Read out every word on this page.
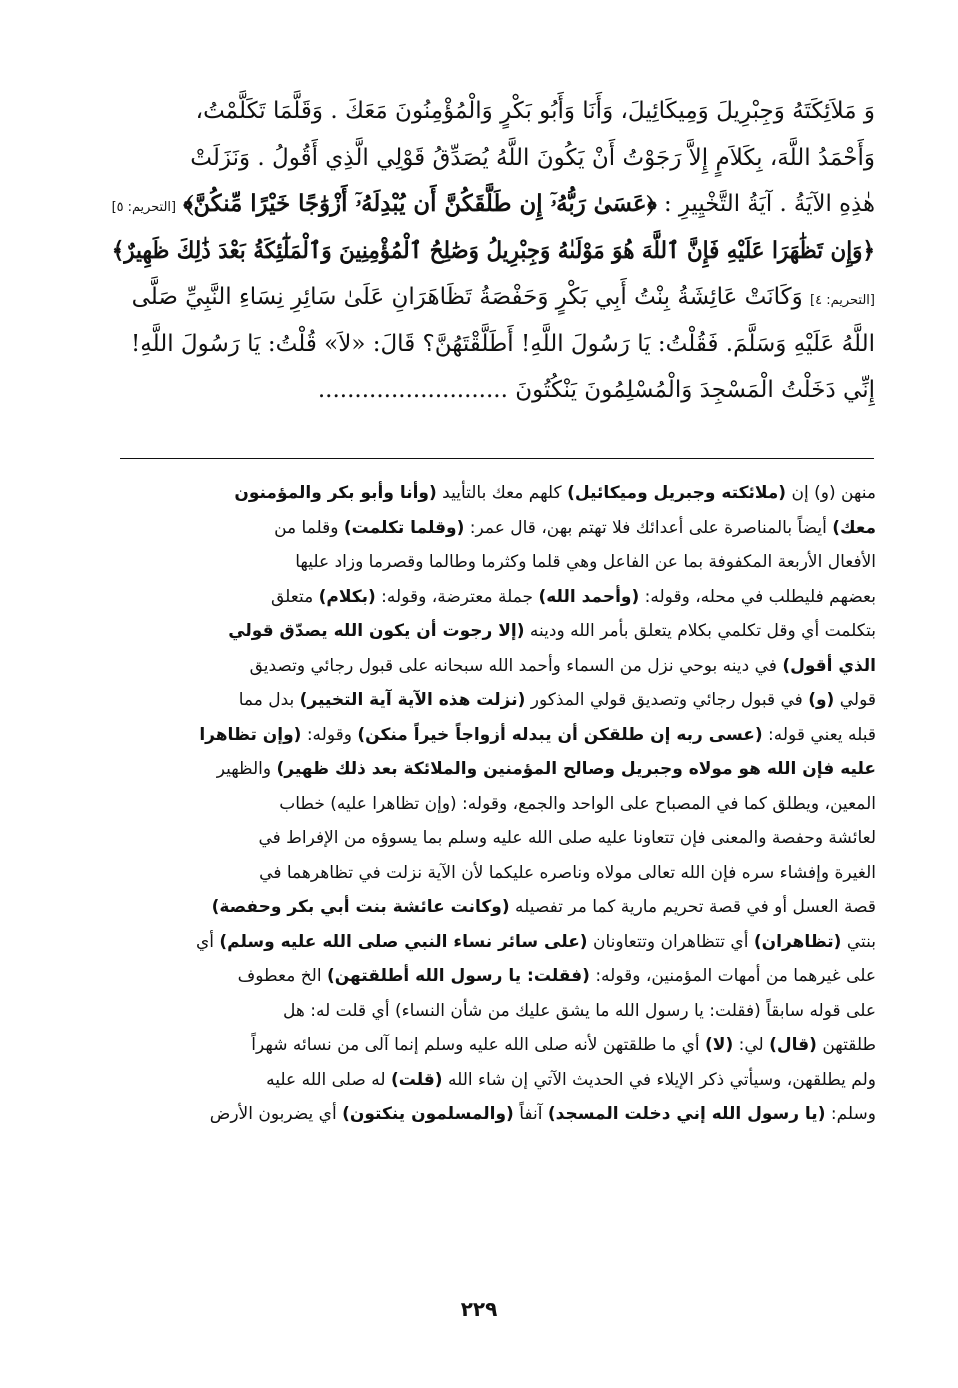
وَ مَلاَئِكَتَهُ وَجِبْرِيلَ وَمِيكَائِيلَ، وَأَنَا وَأَبُو بَكْرٍ وَالْمُؤْمِنُونَ مَعَكَ . وَقَلَّمَا تَكَلَّمْتُ،
وَأَحْمَدُ اللَّهَ، بِكَلاَمٍ إِلاَّ رَجَوْتُ أَنْ يَكُونَ اللَّهُ يُصَدِّقُ قَوْلِي الَّذِي أَقُولُ . وَنَزَلَتْ
هٰذِهِ الآيَةُ . آيَةُ التَّخْيِيرِ : ﴿عَسَىٰ رَبُّهُۥٓ إِن طَلَّقَكُنَّ أَن يُبْدِلَهُۥٓ أَزْوَٰجًا خَيْرًا مِّنكُنَّ﴾ [التحريم: ٥]
﴿وَإِن تَظَٰهَرَا عَلَيْهِ فَإِنَّ ٱللَّهَ هُوَ مَوْلَىٰهُ وَجِبْرِيلُ وَصَٰلِحُ ٱلْمُؤْمِنِينَ وَٱلْمَلَٰٓئِكَةُ بَعْدَ ذَٰلِكَ ظَهِيرٌ﴾
[التحريم: ٤] وَكَانَتْ عَائِشَةُ بِنْتُ أَبِي بَكْرٍ وَحَفْصَةُ تَظَاهَرَانِ عَلَىٰ سَائِرِ نِسَاءِ النَّبِيِّ صَلَّى
اللَّهُ عَلَيْهِ وَسَلَّمَ. فَقُلْتُ: يَا رَسُولَ اللَّهِ! أَطَلَّقْتَهُنَّ؟ قَالَ: «لاَ» قُلْتُ: يَا رَسُولَ اللَّهِ!
إِنِّي دَخَلْتُ الْمَسْجِدَ وَالْمُسْلِمُونَ يَنْكُتُونَ ..........................
منهن (و) إن (ملائكته وجبريل وميكائيل) كلهم معك بالتأييد (وأنا وأبو بكر والمؤمنون
معك) أيضاً بالمناصرة على أعدائك فلا تهتم بهن، قال عمر: (وقلما تكلمت) وقلما من
الأفعال الأربعة المكفوفة بما عن الفاعل وهي قلما وكثرما وطالما وقصرما وزاد عليها
بعضهم فليطلب في محله، وقوله: (وأحمد الله) جملة معترضة، وقوله: (بكلام) متعلق
بتكلمت أي وقل تكلمي بكلام يتعلق بأمر الله ودينه (إلا رجوت أن يكون الله يصدّق قولي
الذي أقول) في دينه بوحي نزل من السماء وأحمد الله سبحانه على قبول رجائي وتصديق
قولي (و) في قبول رجائي وتصديق قولي المذكور (نزلت هذه الآية آية التخيير) بدل مما
قبله يعني قوله: (عسى ربه إن طلقكن أن يبدله أزواجاً خيراً منكن) وقوله: (وإن تظاهرا
عليه فإن الله هو مولاه وجبريل وصالح المؤمنين والملائكة بعد ذلك ظهير) والظهير
المعين، ويطلق كما في المصباح على الواحد والجمع، وقوله: (وإن تظاهرا عليه) خطاب
لعائشة وحفصة والمعنى فإن تتعاونا عليه صلى الله عليه وسلم بما يسوؤه من الإفراط في
الغيرة وإفشاء سره فإن الله تعالى مولاه وناصره عليكما لأن الآية نزلت في تظاهرهما في
قصة العسل أو في قصة تحريم مارية كما مر تفصيله (وكانت عائشة بنت أبي بكر وحفصة)
بنتي (تظاهران) أي تتظاهران وتتعاونان (على سائر نساء النبي صلى الله عليه وسلم) أي
على غيرهما من أمهات المؤمنين، وقوله: (فقلت: يا رسول الله أطلقتهن) الخ معطوف
على قوله سابقاً (فقلت: يا رسول الله ما يشق عليك من شأن النساء) أي قلت له: هل
طلقتهن (قال) لي: (لا) أي ما طلقتهن لأنه صلى الله عليه وسلم إنما آلى من نسائه شهراً
ولم يطلقهن، وسيأتي ذكر الإيلاء في الحديث الآتي إن شاء الله (قلت) له صلى الله عليه
وسلم: (يا رسول الله إني دخلت المسجد) آنفاً (والمسلمون ينكتون) أي يضربون الأرض
٢٢٩
